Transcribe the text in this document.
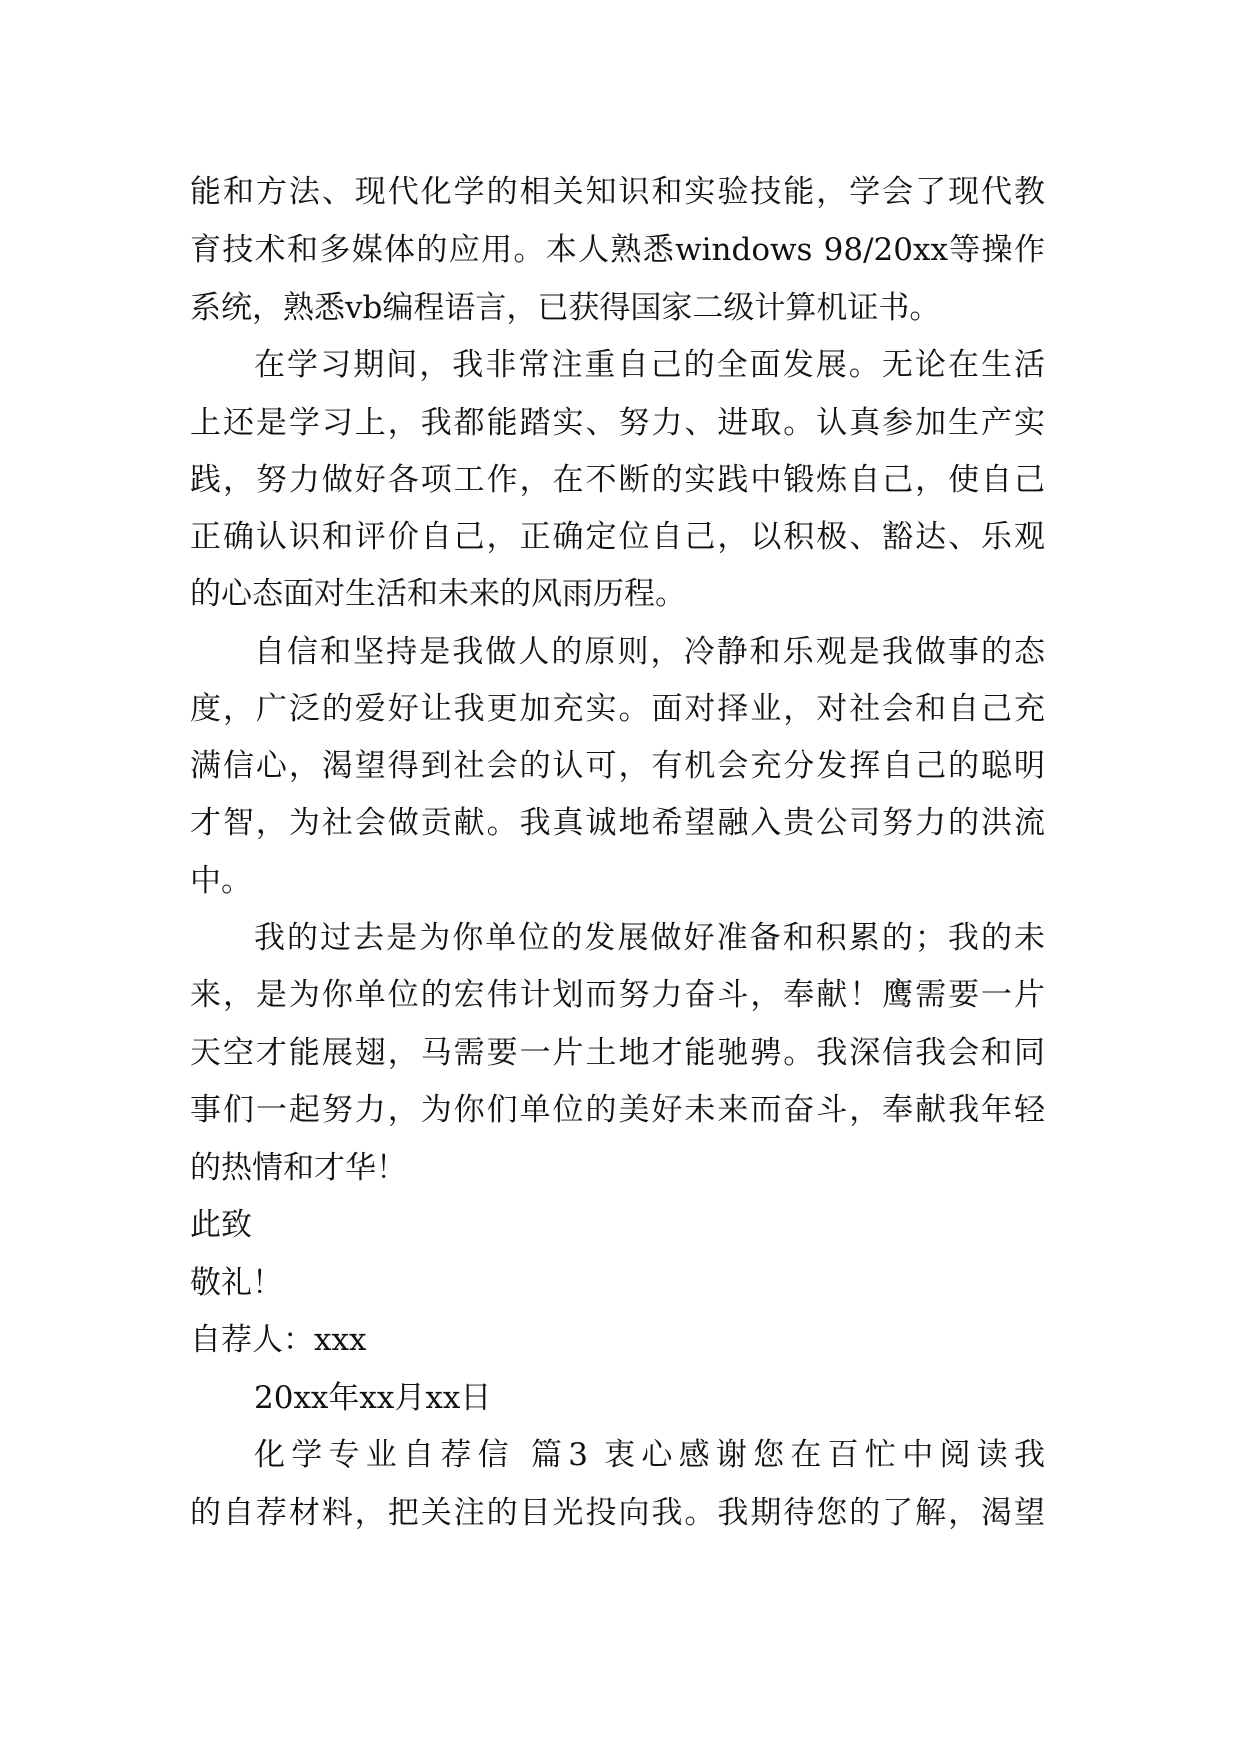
能和方法、现代化学的相关知识和实验技能，学会了现代教
育技术和多媒体的应用。本人熟悉windows 98/20xx等操作
系统，熟悉vb编程语言，已获得国家二级计算机证书。
在学习期间，我非常注重自己的全面发展。无论在生活
上还是学习上，我都能踏实、努力、进取。认真参加生产实
践，努力做好各项工作，在不断的实践中锻炼自己，使自己
正确认识和评价自己，正确定位自己，以积极、豁达、乐观
的心态面对生活和未来的风雨历程。
自信和坚持是我做人的原则，冷静和乐观是我做事的态
度，广泛的爱好让我更加充实。面对择业，对社会和自己充
满信心，渴望得到社会的认可，有机会充分发挥自己的聪明
才智，为社会做贡献。我真诚地希望融入贵公司努力的洪流
中。
我的过去是为你单位的发展做好准备和积累的；我的未
来，是为你单位的宏伟计划而努力奋斗，奉献！鹰需要一片
天空才能展翅，马需要一片土地才能驰骋。我深信我会和同
事们一起努力，为你们单位的美好未来而奋斗，奉献我年轻
的热情和才华！
此致
敬礼！
自荐人：xxx
20xx年xx月xx日
化学专业自荐信 篇3 衷心感谢您在百忙中阅读我
的自荐材料，把关注的目光投向我。我期待您的了解，渴望
